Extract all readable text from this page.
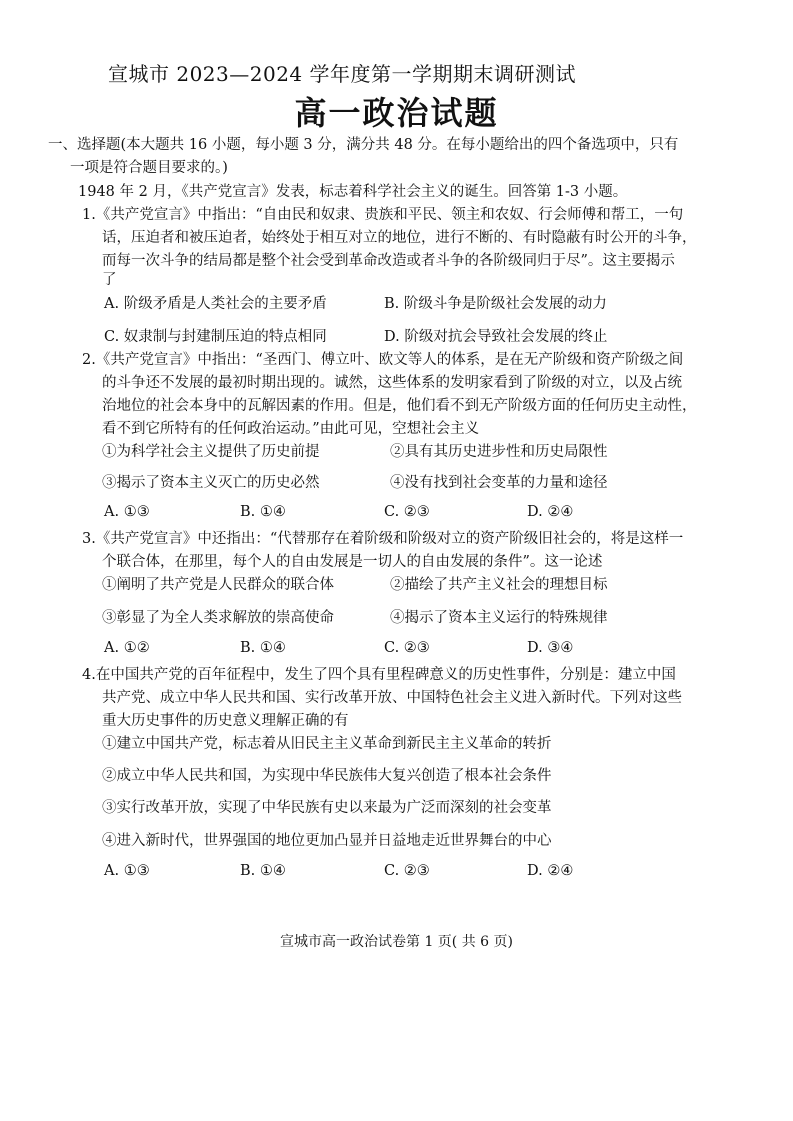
宣城市 2023—2024 学年度第一学期期末调研测试
高一政治试题
一、选择题(本大题共 16 小题，每小题 3 分，满分共 48 分。在每小题给出的四个备选项中，只有
一项是符合题目要求的。)
1948 年 2 月，《共产党宣言》发表，标志着科学社会主义的诞生。回答第 1-3 小题。
1.《共产党宣言》中指出：“自由民和奴隶、贵族和平民、领主和农奴、行会师傅和帮工，一句
话，压迫者和被压迫者，始终处于相互对立的地位，进行不断的、有时隐蔽有时公开的斗争，
而每一次斗争的结局都是整个社会受到革命改造或者斗争的各阶级同归于尽”。这主要揭示
了
A. 阶级矛盾是人类社会的主要矛盾	B. 阶级斗争是阶级社会发展的动力
C. 奴隶制与封建制压迫的特点相同	D. 阶级对抗会导致社会发展的终止
2.《共产党宣言》中指出：“圣西门、傅立叶、欧文等人的体系，是在无产阶级和资产阶级之间
的斗争还不发展的最初时期出现的。诚然，这些体系的发明家看到了阶级的对立，以及占统
治地位的社会本身中的瓦解因素的作用。但是，他们看不到无产阶级方面的任何历史主动性，
看不到它所特有的任何政治运动。”由此可见，空想社会主义
①为科学社会主义提供了历史前提	②具有其历史进步性和历史局限性
③揭示了资本主义灭亡的历史必然	④没有找到社会变革的力量和途径
A. ①③	B. ①④	C. ②③	D. ②④
3.《共产党宣言》中还指出：“代替那存在着阶级和阶级对立的资产阶级旧社会的，将是这样一
个联合体，在那里，每个人的自由发展是一切人的自由发展的条件”。这一论述
①阐明了共产党是人民群众的联合体	②描绘了共产主义社会的理想目标
③彰显了为全人类求解放的崇高使命	④揭示了资本主义运行的特殊规律
A. ①②	B. ①④	C. ②③	D. ③④
4.在中国共产党的百年征程中，发生了四个具有里程碑意义的历史性事件，分别是：建立中国
共产党、成立中华人民共和国、实行改革开放、中国特色社会主义进入新时代。下列对这些
重大历史事件的历史意义理解正确的有
①建立中国共产党，标志着从旧民主主义革命到新民主主义革命的转折
②成立中华人民共和国，为实现中华民族伟大复兴创造了根本社会条件
③实行改革开放，实现了中华民族有史以来最为广泛而深刻的社会变革
④进入新时代，世界强国的地位更加凸显并日益地走近世界舞台的中心
A. ①③	B. ①④	C. ②③	D. ②④
宣城市高一政治试卷第 1 页( 共 6 页)
